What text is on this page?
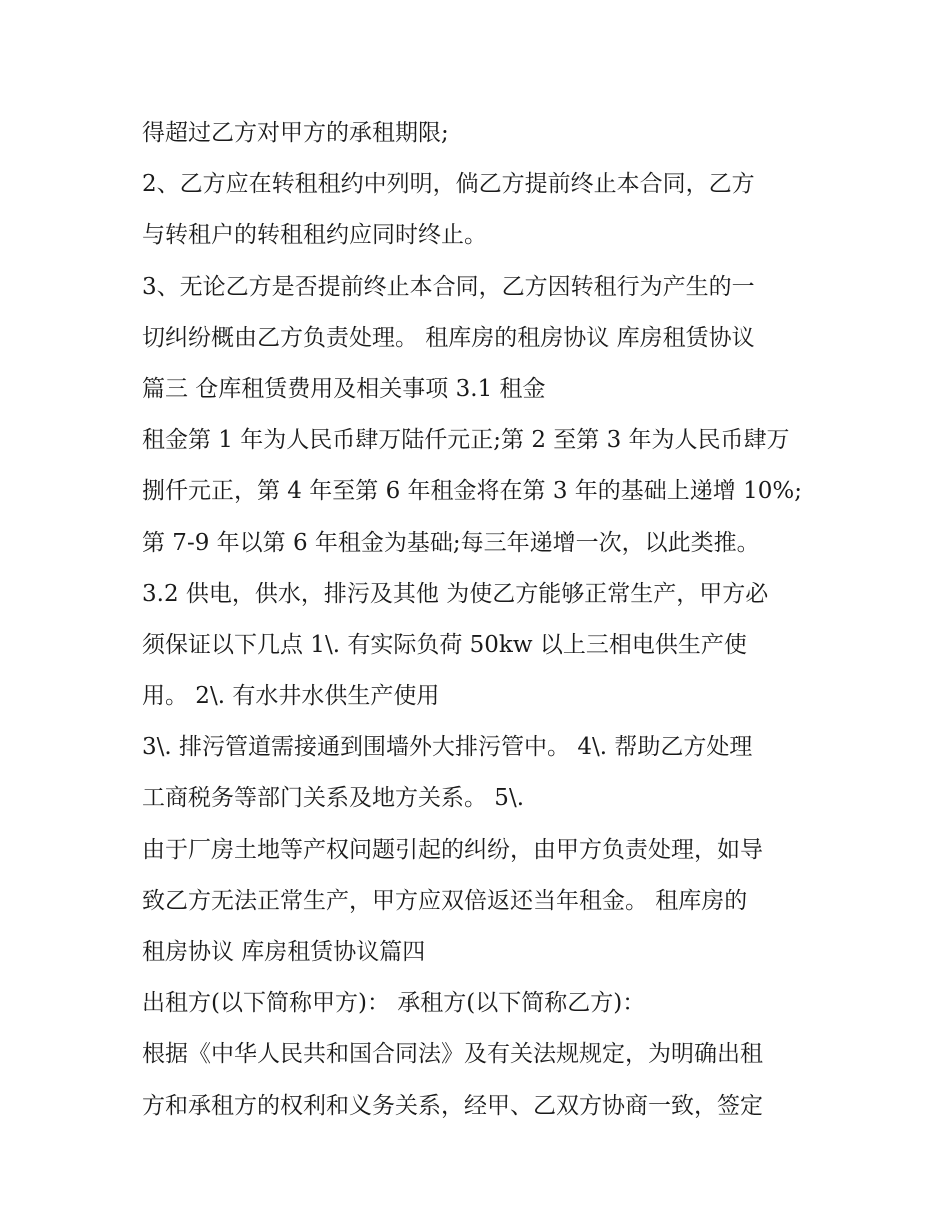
得超过乙方对甲方的承租期限;
2、乙方应在转租租约中列明，倘乙方提前终止本合同，乙方
与转租户的转租租约应同时终止。
3、无论乙方是否提前终止本合同，乙方因转租行为产生的一
切纠纷概由乙方负责处理。 租库房的租房协议 库房租赁协议
篇三 仓库租赁费用及相关事项 3.1 租金
租金第 1 年为人民币肆万陆仟元正;第 2 至第 3 年为人民币肆万
捌仟元正，第 4 年至第 6 年租金将在第 3 年的基础上递增 10%;
第 7-9 年以第 6 年租金为基础;每三年递增一次，以此类推。
3.2 供电，供水，排污及其他 为使乙方能够正常生产，甲方必
须保证以下几点 1\. 有实际负荷 50kw 以上三相电供生产使
用。 2\. 有水井水供生产使用
3\. 排污管道需接通到围墙外大排污管中。 4\. 帮助乙方处理
工商税务等部门关系及地方关系。 5\.
由于厂房土地等产权问题引起的纠纷，由甲方负责处理，如导
致乙方无法正常生产，甲方应双倍返还当年租金。 租库房的
租房协议 库房租赁协议篇四
出租方(以下简称甲方)： 承租方(以下简称乙方)：
根据《中华人民共和国合同法》及有关法规规定，为明确出租
方和承租方的权利和义务关系，经甲、乙双方协商一致，签定
